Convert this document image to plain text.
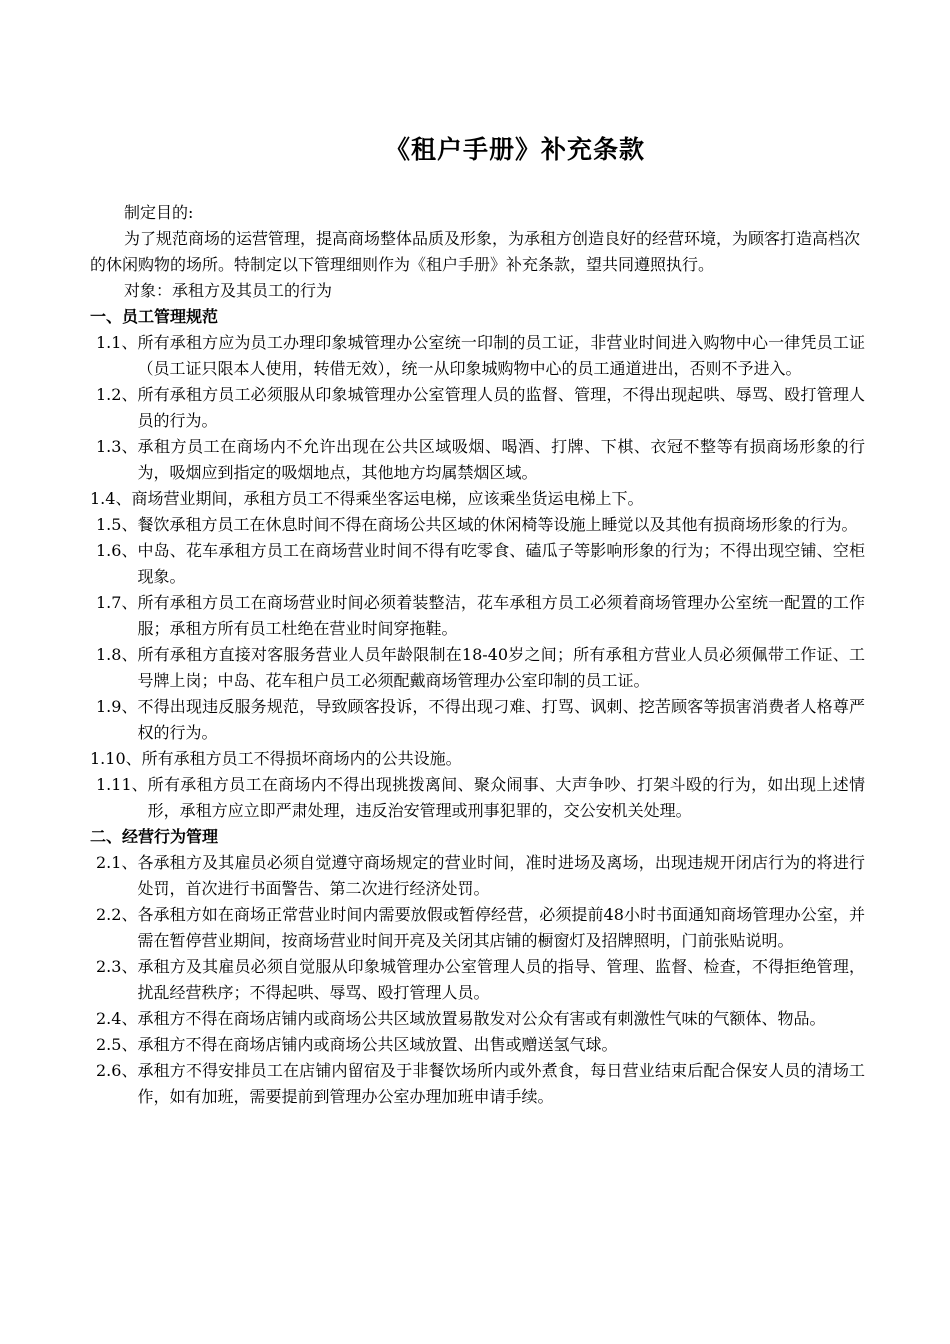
《租户手册》补充条款

制定目的:

为了规范商场的运营管理，提高商场整体品质及形象，为承租方创造良好的经营环境，为顾客打造高档次的休闲购物的场所。特制定以下管理细则作为《租户手册》补充条款，望共同遵照执行。

对象：承租方及其员工的行为

一、员工管理规范
1.1、 所有承租方应为员工办理印象城管理办公室统一印制的员工证，非营业时间进入购物中心一律凭员工证（员工证只限本人使用，转借无效），统一从印象城购物中心的员工通道进出，否则不予进入。
1.2、 所有承租方员工必须服从印象城管理办公室管理人员的监督、管理，不得出现起哄、辱骂、殴打管理人员的行为。
1.3、 承租方员工在商场内不允许出现在公共区域吸烟、喝酒、打牌、下棋、衣冠不整等有损商场形象的行为，吸烟应到指定的吸烟地点，其他地方均属禁烟区域。
1.4、 商场营业期间，承租方员工不得乘坐客运电梯，应该乘坐货运电梯上下。
1.5、 餐饮承租方员工在休息时间不得在商场公共区域的休闲椅等设施上睡觉以及其他有损商场形象的行为。
1.6、 中岛、花车承租方员工在商场营业时间不得有吃零食、磕瓜子等影响形象的行为；不得出现空铺、空柜现象。
1.7、 所有承租方员工在商场营业时间必须着装整洁，花车承租方员工必须着商场管理办公室统一配置的工作服；承租方所有员工杜绝在营业时间穿拖鞋。
1.8、 所有承租方直接对客服务营业人员年龄限制在18-40岁之间；所有承租方营业人员必须佩带工作证、工号牌上岗；中岛、花车租户员工必须配戴商场管理办公室印制的员工证。
1.9、 不得出现违反服务规范，导致顾客投诉，不得出现刁难、打骂、讽刺、挖苦顾客等损害消费者人格尊严权的行为。
1.10、 所有承租方员工不得损坏商场内的公共设施。
1.11、 所有承租方员工在商场内不得出现挑拨离间、聚众闹事、大声争吵、打架斗殴的行为，如出现上述情形，承租方应立即严肃处理，违反治安管理或刑事犯罪的，交公安机关处理。
二、经营行为管理
2.1、 各承租方及其雇员必须自觉遵守商场规定的营业时间，准时进场及离场，出现违规开闭店行为的将进行处罚，首次进行书面警告、第二次进行经济处罚。
2.2、 各承租方如在商场正常营业时间内需要放假或暂停经营，必须提前48小时书面通知商场管理办公室，并需在暂停营业期间，按商场营业时间开亮及关闭其店铺的橱窗灯及招牌照明，门前张贴说明。
2.3、 承租方及其雇员必须自觉服从印象城管理办公室管理人员的指导、管理、监督、检查，不得拒绝管理，扰乱经营秩序；不得起哄、辱骂、殴打管理人员。
2.4、 承租方不得在商场店铺内或商场公共区域放置易散发对公众有害或有刺激性气味的气额体、物品。
2.5、 承租方不得在商场店铺内或商场公共区域放置、出售或赠送氢气球。
2.6、 承租方不得安排员工在店铺内留宿及于非餐饮场所内或外煮食，每日营业结束后配合保安人员的清场工作，如有加班，需要提前到管理办公室办理加班申请手续。
